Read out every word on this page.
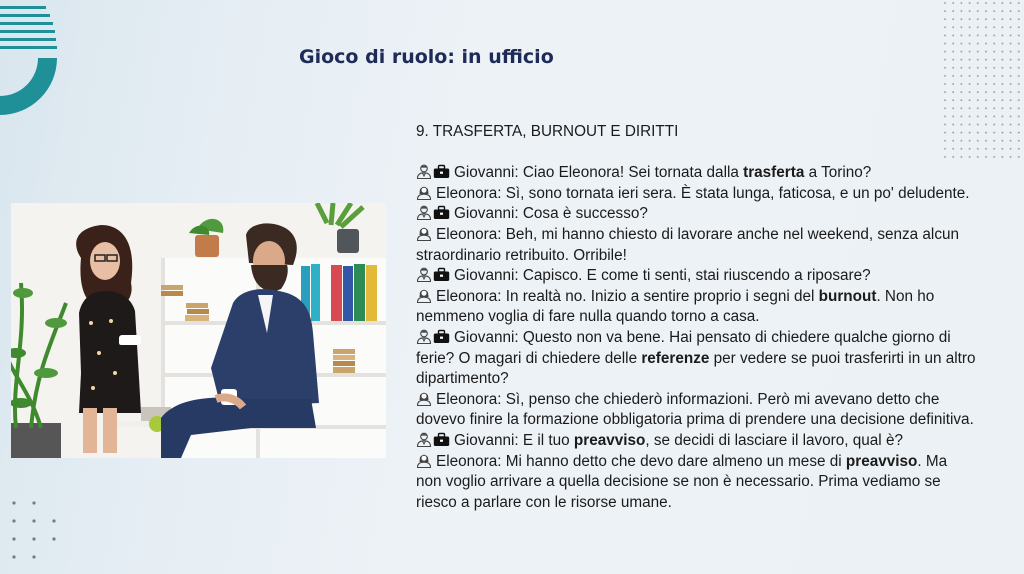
Gioco di ruolo: in ufficio

9. TRASFERTA, BURNOUT E DIRITTI

Giovanni: Ciao Eleonora! Sei tornata dalla trasferta a Torino?

Eleonora: Sì, sono tornata ieri sera. È stata lunga, faticosa, e un po' deludente.

Giovanni: Cosa è successo?

Eleonora: Beh, mi hanno chiesto di lavorare anche nel weekend, senza alcun straordinario retribuito. Orribile!

Giovanni: Capisco. E come ti senti, stai riuscendo a riposare?

Eleonora: In realtà no. Inizio a sentire proprio i segni del burnout. Non ho nemmeno voglia di fare nulla quando torno a casa.

Giovanni: Questo non va bene. Hai pensato di chiedere qualche giorno di ferie? O magari di chiedere delle referenze per vedere se puoi trasferirti in un altro dipartimento?

Eleonora: Sì, penso che chiederò informazioni. Però mi avevano detto che dovevo finire la formazione obbligatoria prima di prendere una decisione definitiva.

Giovanni: E il tuo preavviso, se decidi di lasciare il lavoro, qual è?

Eleonora: Mi hanno detto che devo dare almeno un mese di preavviso. Ma non voglio arrivare a quella decisione se non è necessario. Prima vediamo se riesco a parlare con le risorse umane.
